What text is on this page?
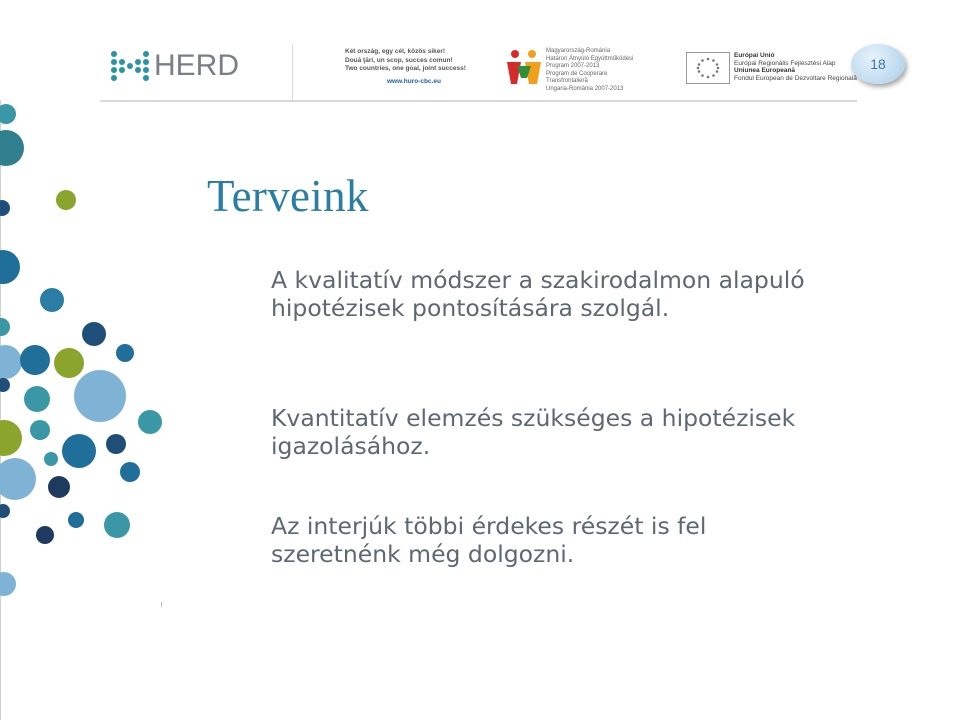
HERD	Két ország, egy cél, közös siker!
Două ţări, un scop, succes comun!
Two countries, one goal, joint success!
www.huro-cbc.eu
Magyarország-Románia
Határon Átnyúló Együttműködési
Program 2007-2013
Program de Cooperare
Transfrontalieră
Ungaria-România 2007-2013
Európai Unió
Európai Regionális Fejlesztési Alap
Uniunea Europeană
Fondul European de Dezvoltare Regională
18
Terveink
A kvalitatív módszer a szakirodalmon alapuló hipotézisek pontosítására szolgál.
Kvantitatív elemzés szükséges a hipotézisek igazolásához.
Az interjúk többi érdekes részét is fel szeretnénk még dolgozni.
